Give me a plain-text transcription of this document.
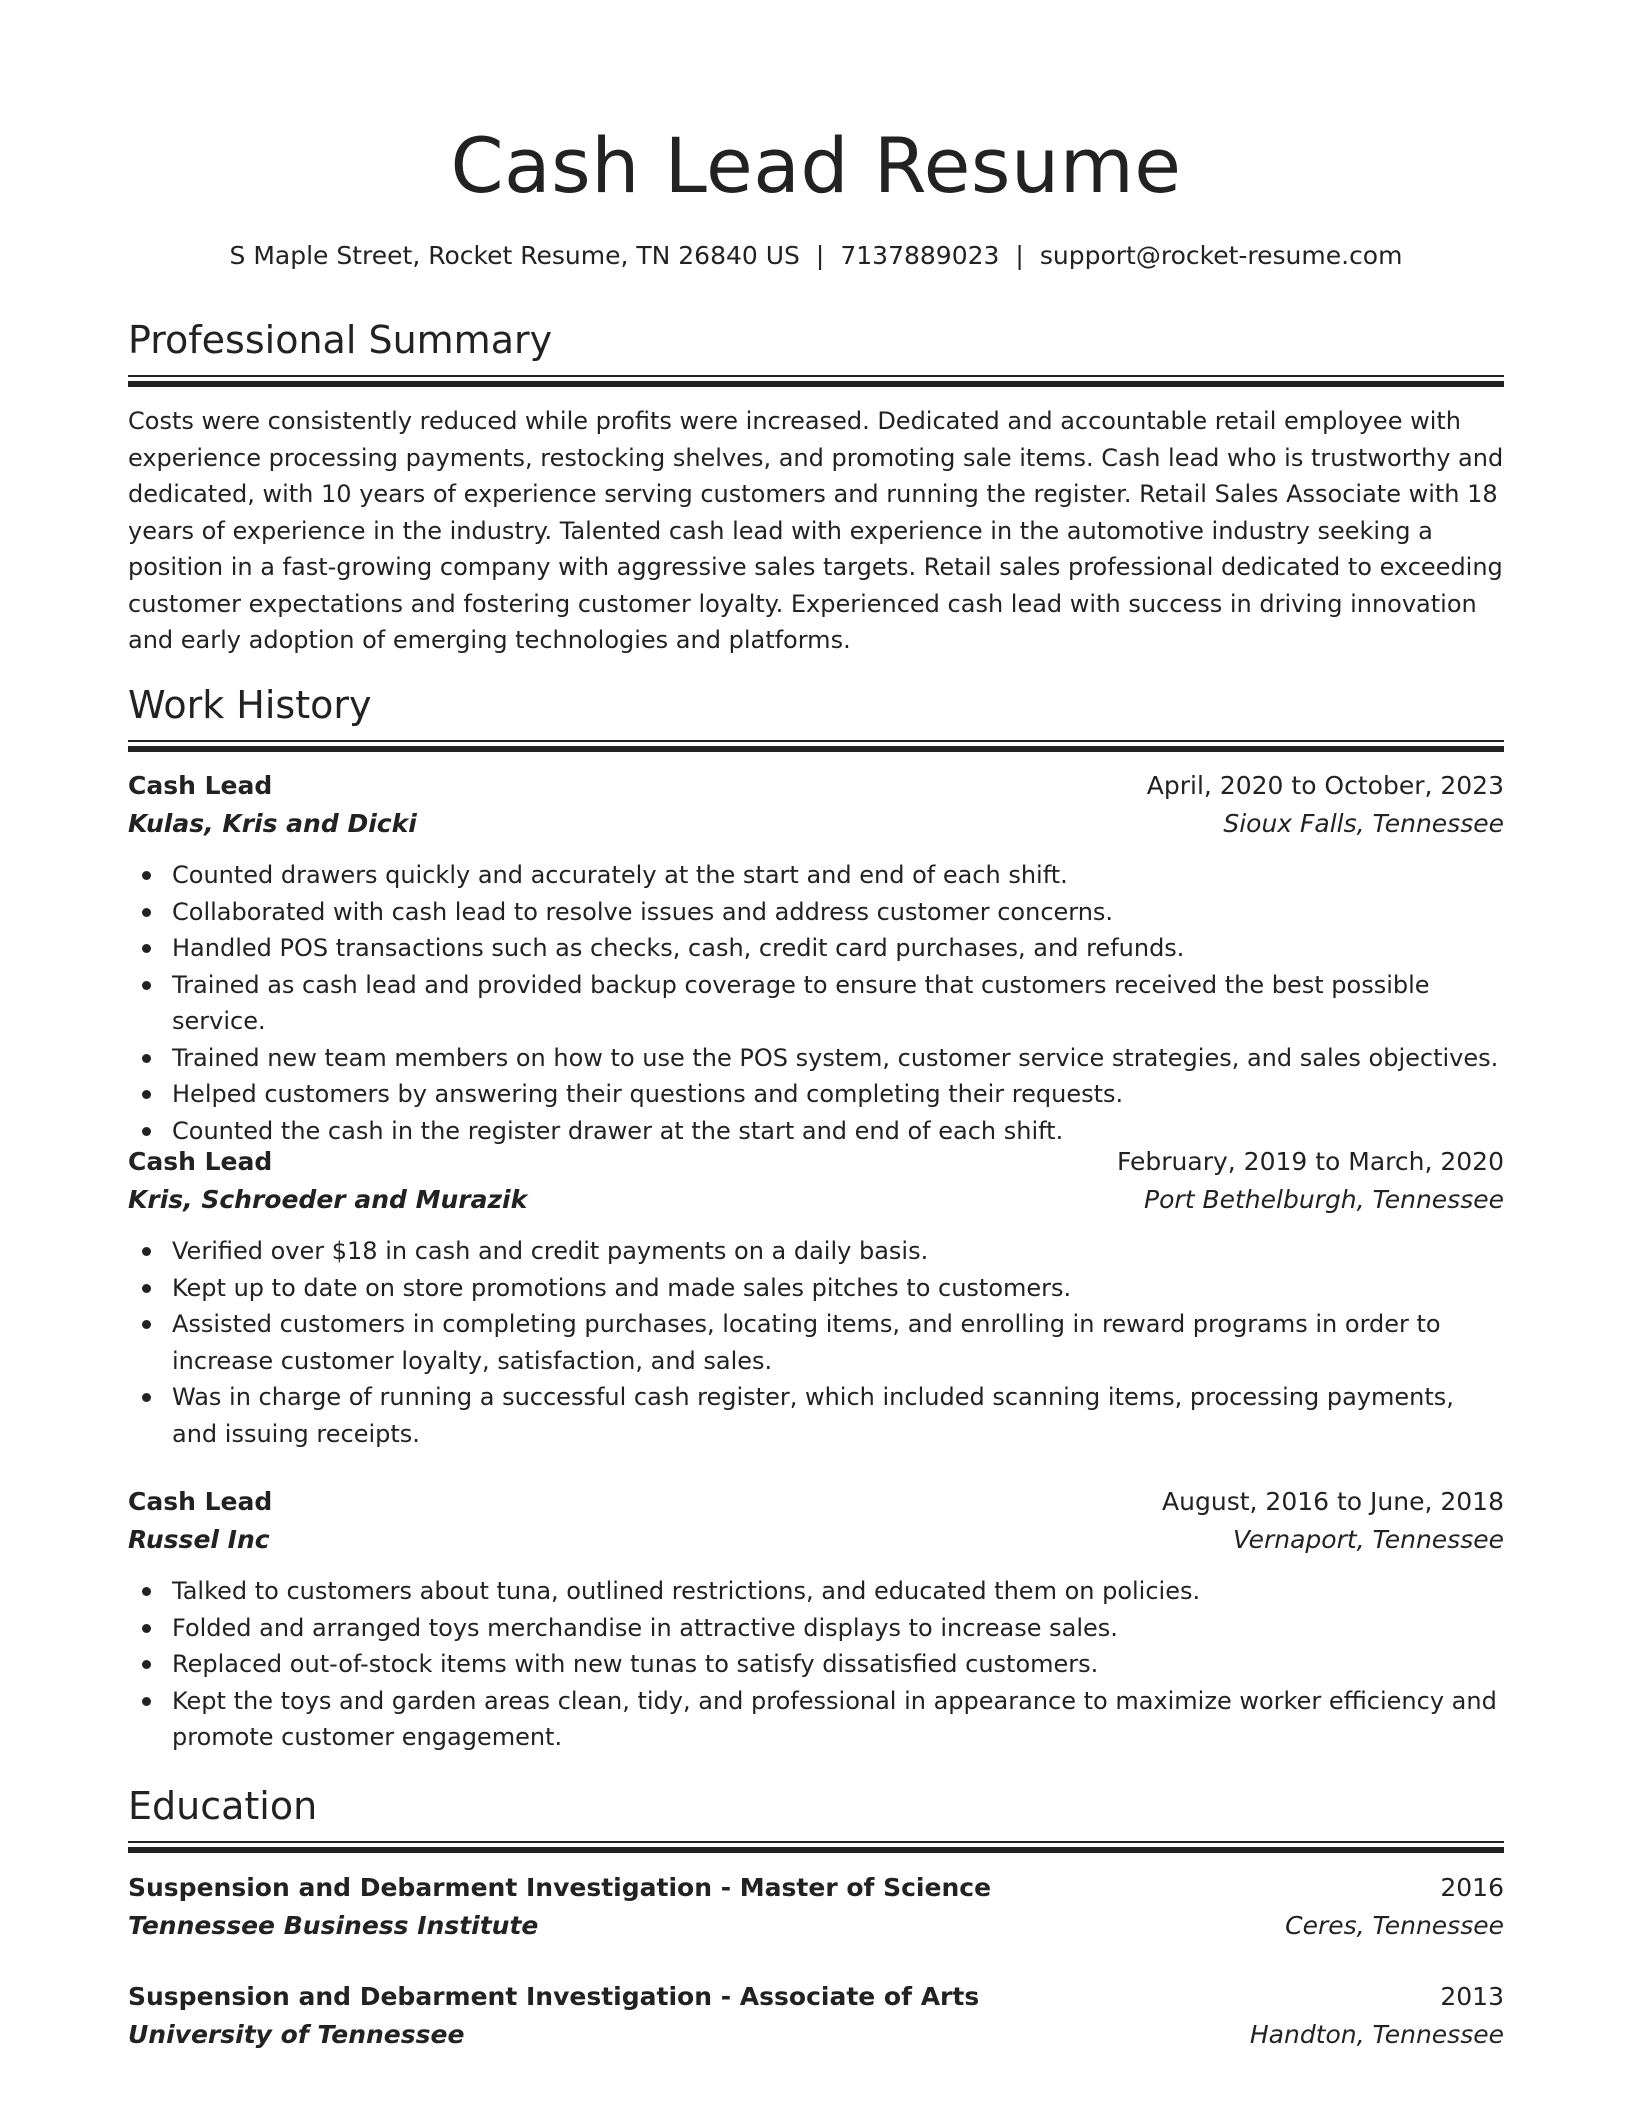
Cash Lead Resume
S Maple Street, Rocket Resume, TN 26840 US | 7137889023 | support@rocket-resume.com
Professional Summary
Costs were consistently reduced while profits were increased. Dedicated and accountable retail employee with experience processing payments, restocking shelves, and promoting sale items. Cash lead who is trustworthy and dedicated, with 10 years of experience serving customers and running the register. Retail Sales Associate with 18 years of experience in the industry. Talented cash lead with experience in the automotive industry seeking a position in a fast-growing company with aggressive sales targets. Retail sales professional dedicated to exceeding customer expectations and fostering customer loyalty. Experienced cash lead with success in driving innovation and early adoption of emerging technologies and platforms.
Work History
Cash Lead	April, 2020 to October, 2023
Kulas, Kris and Dicki	Sioux Falls, Tennessee
Counted drawers quickly and accurately at the start and end of each shift.
Collaborated with cash lead to resolve issues and address customer concerns.
Handled POS transactions such as checks, cash, credit card purchases, and refunds.
Trained as cash lead and provided backup coverage to ensure that customers received the best possible service.
Trained new team members on how to use the POS system, customer service strategies, and sales objectives.
Helped customers by answering their questions and completing their requests.
Counted the cash in the register drawer at the start and end of each shift.
Cash Lead	February, 2019 to March, 2020
Kris, Schroeder and Murazik	Port Bethelburgh, Tennessee
Verified over $18 in cash and credit payments on a daily basis.
Kept up to date on store promotions and made sales pitches to customers.
Assisted customers in completing purchases, locating items, and enrolling in reward programs in order to increase customer loyalty, satisfaction, and sales.
Was in charge of running a successful cash register, which included scanning items, processing payments, and issuing receipts.
Cash Lead	August, 2016 to June, 2018
Russel Inc	Vernaport, Tennessee
Talked to customers about tuna, outlined restrictions, and educated them on policies.
Folded and arranged toys merchandise in attractive displays to increase sales.
Replaced out-of-stock items with new tunas to satisfy dissatisfied customers.
Kept the toys and garden areas clean, tidy, and professional in appearance to maximize worker efficiency and promote customer engagement.
Education
Suspension and Debarment Investigation - Master of Science	2016
Tennessee Business Institute	Ceres, Tennessee
Suspension and Debarment Investigation - Associate of Arts	2013
University of Tennessee	Handton, Tennessee
